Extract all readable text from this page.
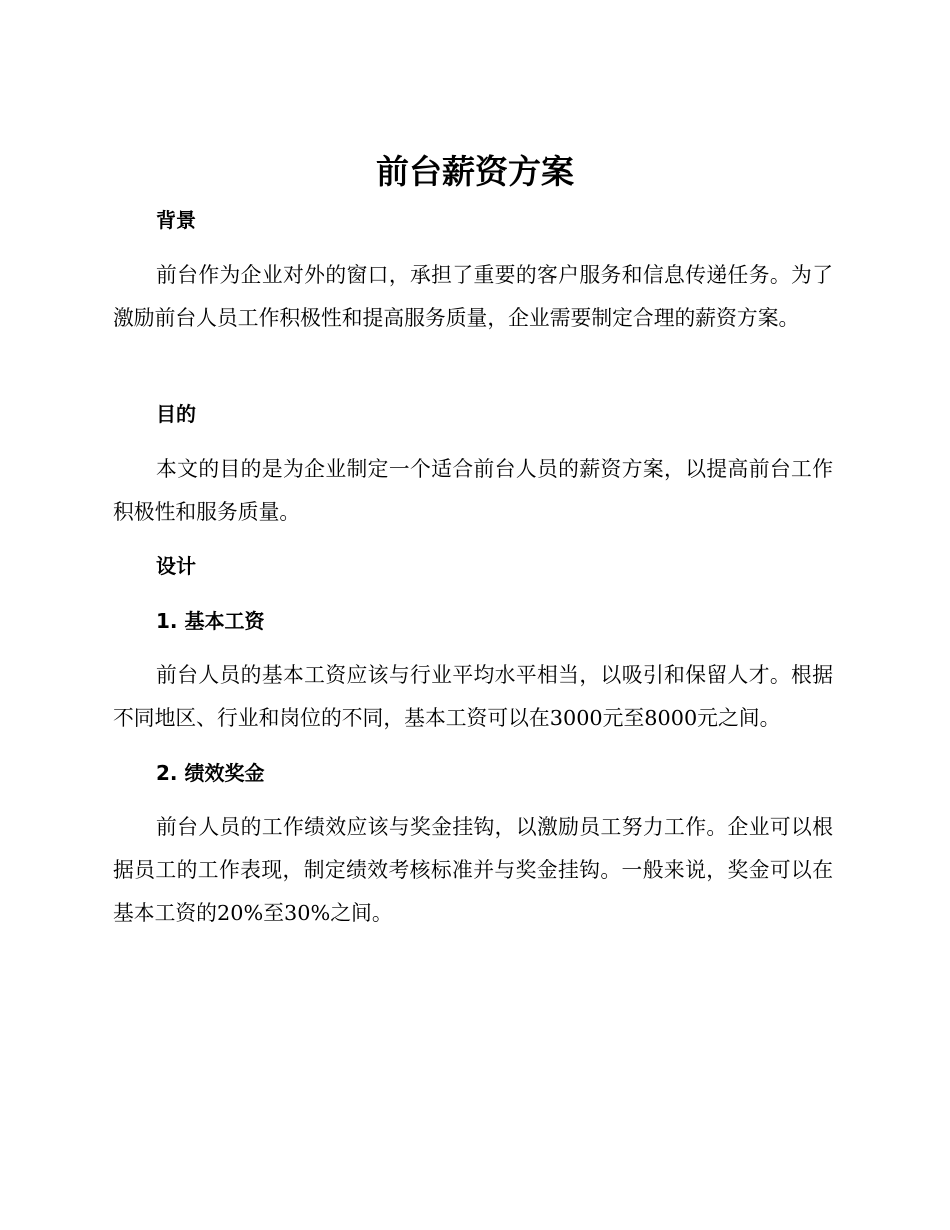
前台薪资方案
背景

前台作为企业对外的窗口，承担了重要的客户服务和信息传递任务。为了激励前台人员工作积极性和提高服务质量，企业需要制定合理的薪资方案。

目的

本文的目的是为企业制定一个适合前台人员的薪资方案，以提高前台工作积极性和服务质量。

设计
1. 基本工资

前台人员的基本工资应该与行业平均水平相当，以吸引和保留人才。根据不同地区、行业和岗位的不同，基本工资可以在3000元至8000元之间。

2. 绩效奖金

前台人员的工作绩效应该与奖金挂钩，以激励员工努力工作。企业可以根据员工的工作表现，制定绩效考核标准并与奖金挂钩。一般来说，奖金可以在基本工资的20%至30%之间。
